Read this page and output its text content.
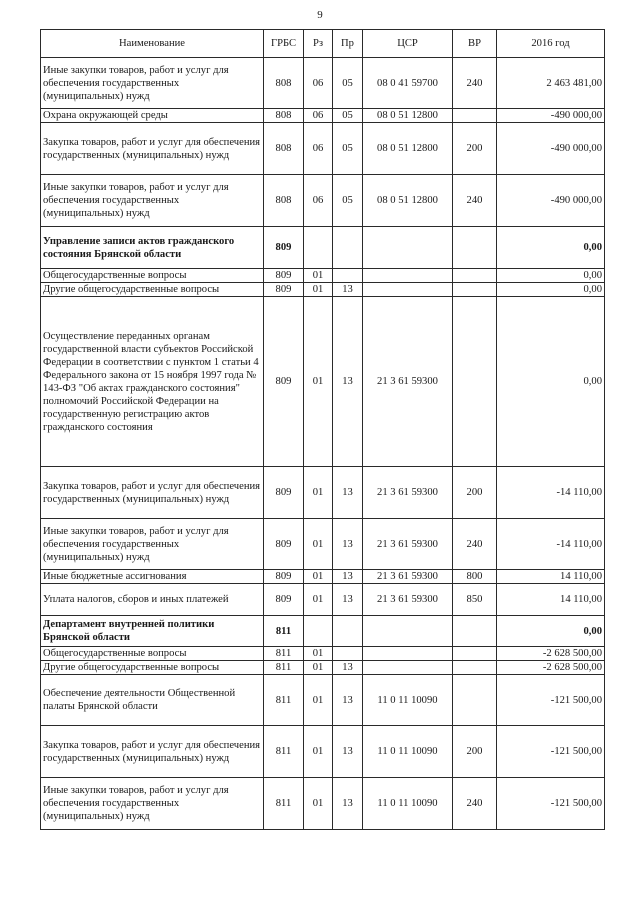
9
Наименование	ГРБС	Рз	Пр	ЦСР	ВР	2016 год
Иные закупки товаров, работ и услуг для обеспечения государственных (муниципальных) нужд	808	06	05	08 0 41 59700	240	2 463 481,00
Охрана окружающей среды	808	06	05	08 0 51 12800		-490 000,00
Закупка товаров, работ и услуг для обеспечения государственных (муниципальных) нужд	808	06	05	08 0 51 12800	200	-490 000,00
Иные закупки товаров, работ и услуг для обеспечения государственных (муниципальных) нужд	808	06	05	08 0 51 12800	240	-490 000,00
Управление записи актов гражданского состояния Брянской области	809					0,00
Общегосударственные вопросы	809	01				0,00
Другие общегосударственные вопросы	809	01	13			0,00
Осуществление переданных органам государственной власти субъектов Российской Федерации в соответствии с пунктом 1 статьи 4 Федерального закона от 15 ноября 1997 года № 143-ФЗ "Об актах гражданского состояния" полномочий Российской Федерации на государственную регистрацию актов гражданского состояния	809	01	13	21 3 61 59300		0,00
Закупка товаров, работ и услуг для обеспечения государственных (муниципальных) нужд	809	01	13	21 3 61 59300	200	-14 110,00
Иные закупки товаров, работ и услуг для обеспечения государственных (муниципальных) нужд	809	01	13	21 3 61 59300	240	-14 110,00
Иные бюджетные ассигнования	809	01	13	21 3 61 59300	800	14 110,00
Уплата налогов, сборов и иных платежей	809	01	13	21 3 61 59300	850	14 110,00
Департамент внутренней политики Брянской области	811					0,00
Общегосударственные вопросы	811	01				-2 628 500,00
Другие общегосударственные вопросы	811	01	13			-2 628 500,00
Обеспечение деятельности Общественной палаты Брянской области	811	01	13	11 0 11 10090		-121 500,00
Закупка товаров, работ и услуг для обеспечения государственных (муниципальных) нужд	811	01	13	11 0 11 10090	200	-121 500,00
Иные закупки товаров, работ и услуг для обеспечения государственных (муниципальных) нужд	811	01	13	11 0 11 10090	240	-121 500,00
